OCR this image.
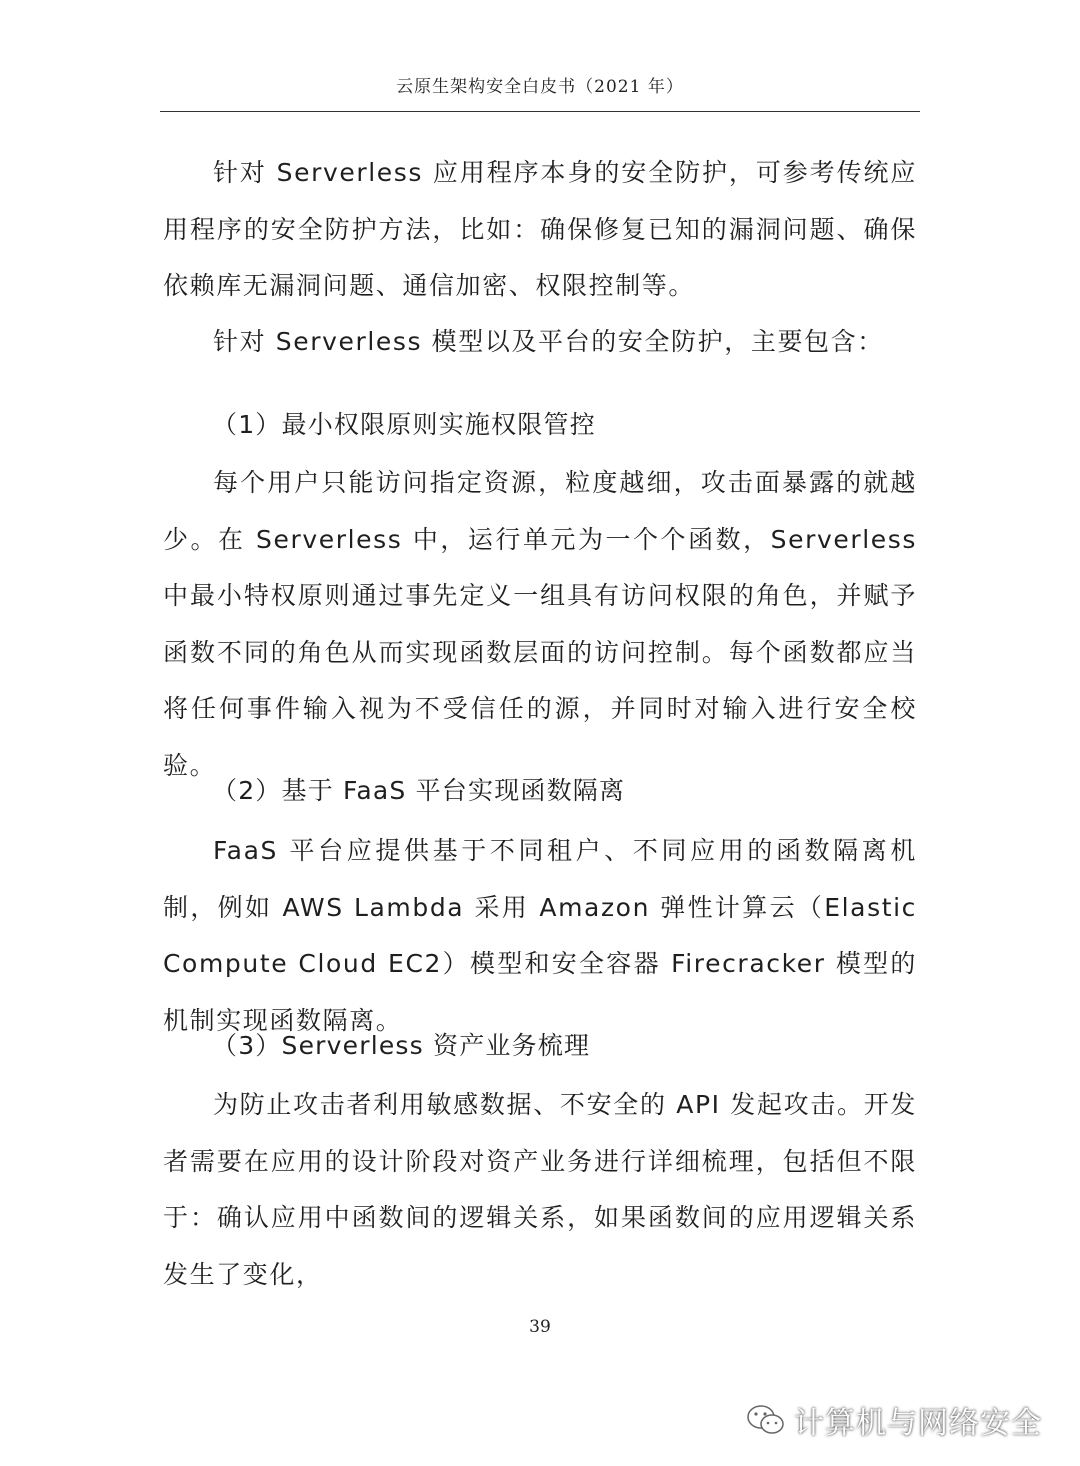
云原生架构安全白皮书（2021 年）

针对 Serverless 应用程序本身的安全防护，可参考传统应用程序的安全防护方法，比如：确保修复已知的漏洞问题、确保依赖库无漏洞问题、通信加密、权限控制等。

针对 Serverless 模型以及平台的安全防护，主要包含：

（1）最小权限原则实施权限管控

每个用户只能访问指定资源，粒度越细，攻击面暴露的就越少。在 Serverless 中，运行单元为一个个函数，Serverless 中最小特权原则通过事先定义一组具有访问权限的角色，并赋予函数不同的角色从而实现函数层面的访问控制。每个函数都应当将任何事件输入视为不受信任的源，并同时对输入进行安全校验。

（2）基于 FaaS 平台实现函数隔离

FaaS 平台应提供基于不同租户、不同应用的函数隔离机制，例如 AWS Lambda 采用 Amazon 弹性计算云（Elastic Compute Cloud EC2）模型和安全容器 Firecracker 模型的机制实现函数隔离。

（3）Serverless 资产业务梳理

为防止攻击者利用敏感数据、不安全的 API 发起攻击。开发者需要在应用的设计阶段对资产业务进行详细梳理，包括但不限于：确认应用中函数间的逻辑关系，如果函数间的应用逻辑关系发生了变化，

39
计算机与网络安全
